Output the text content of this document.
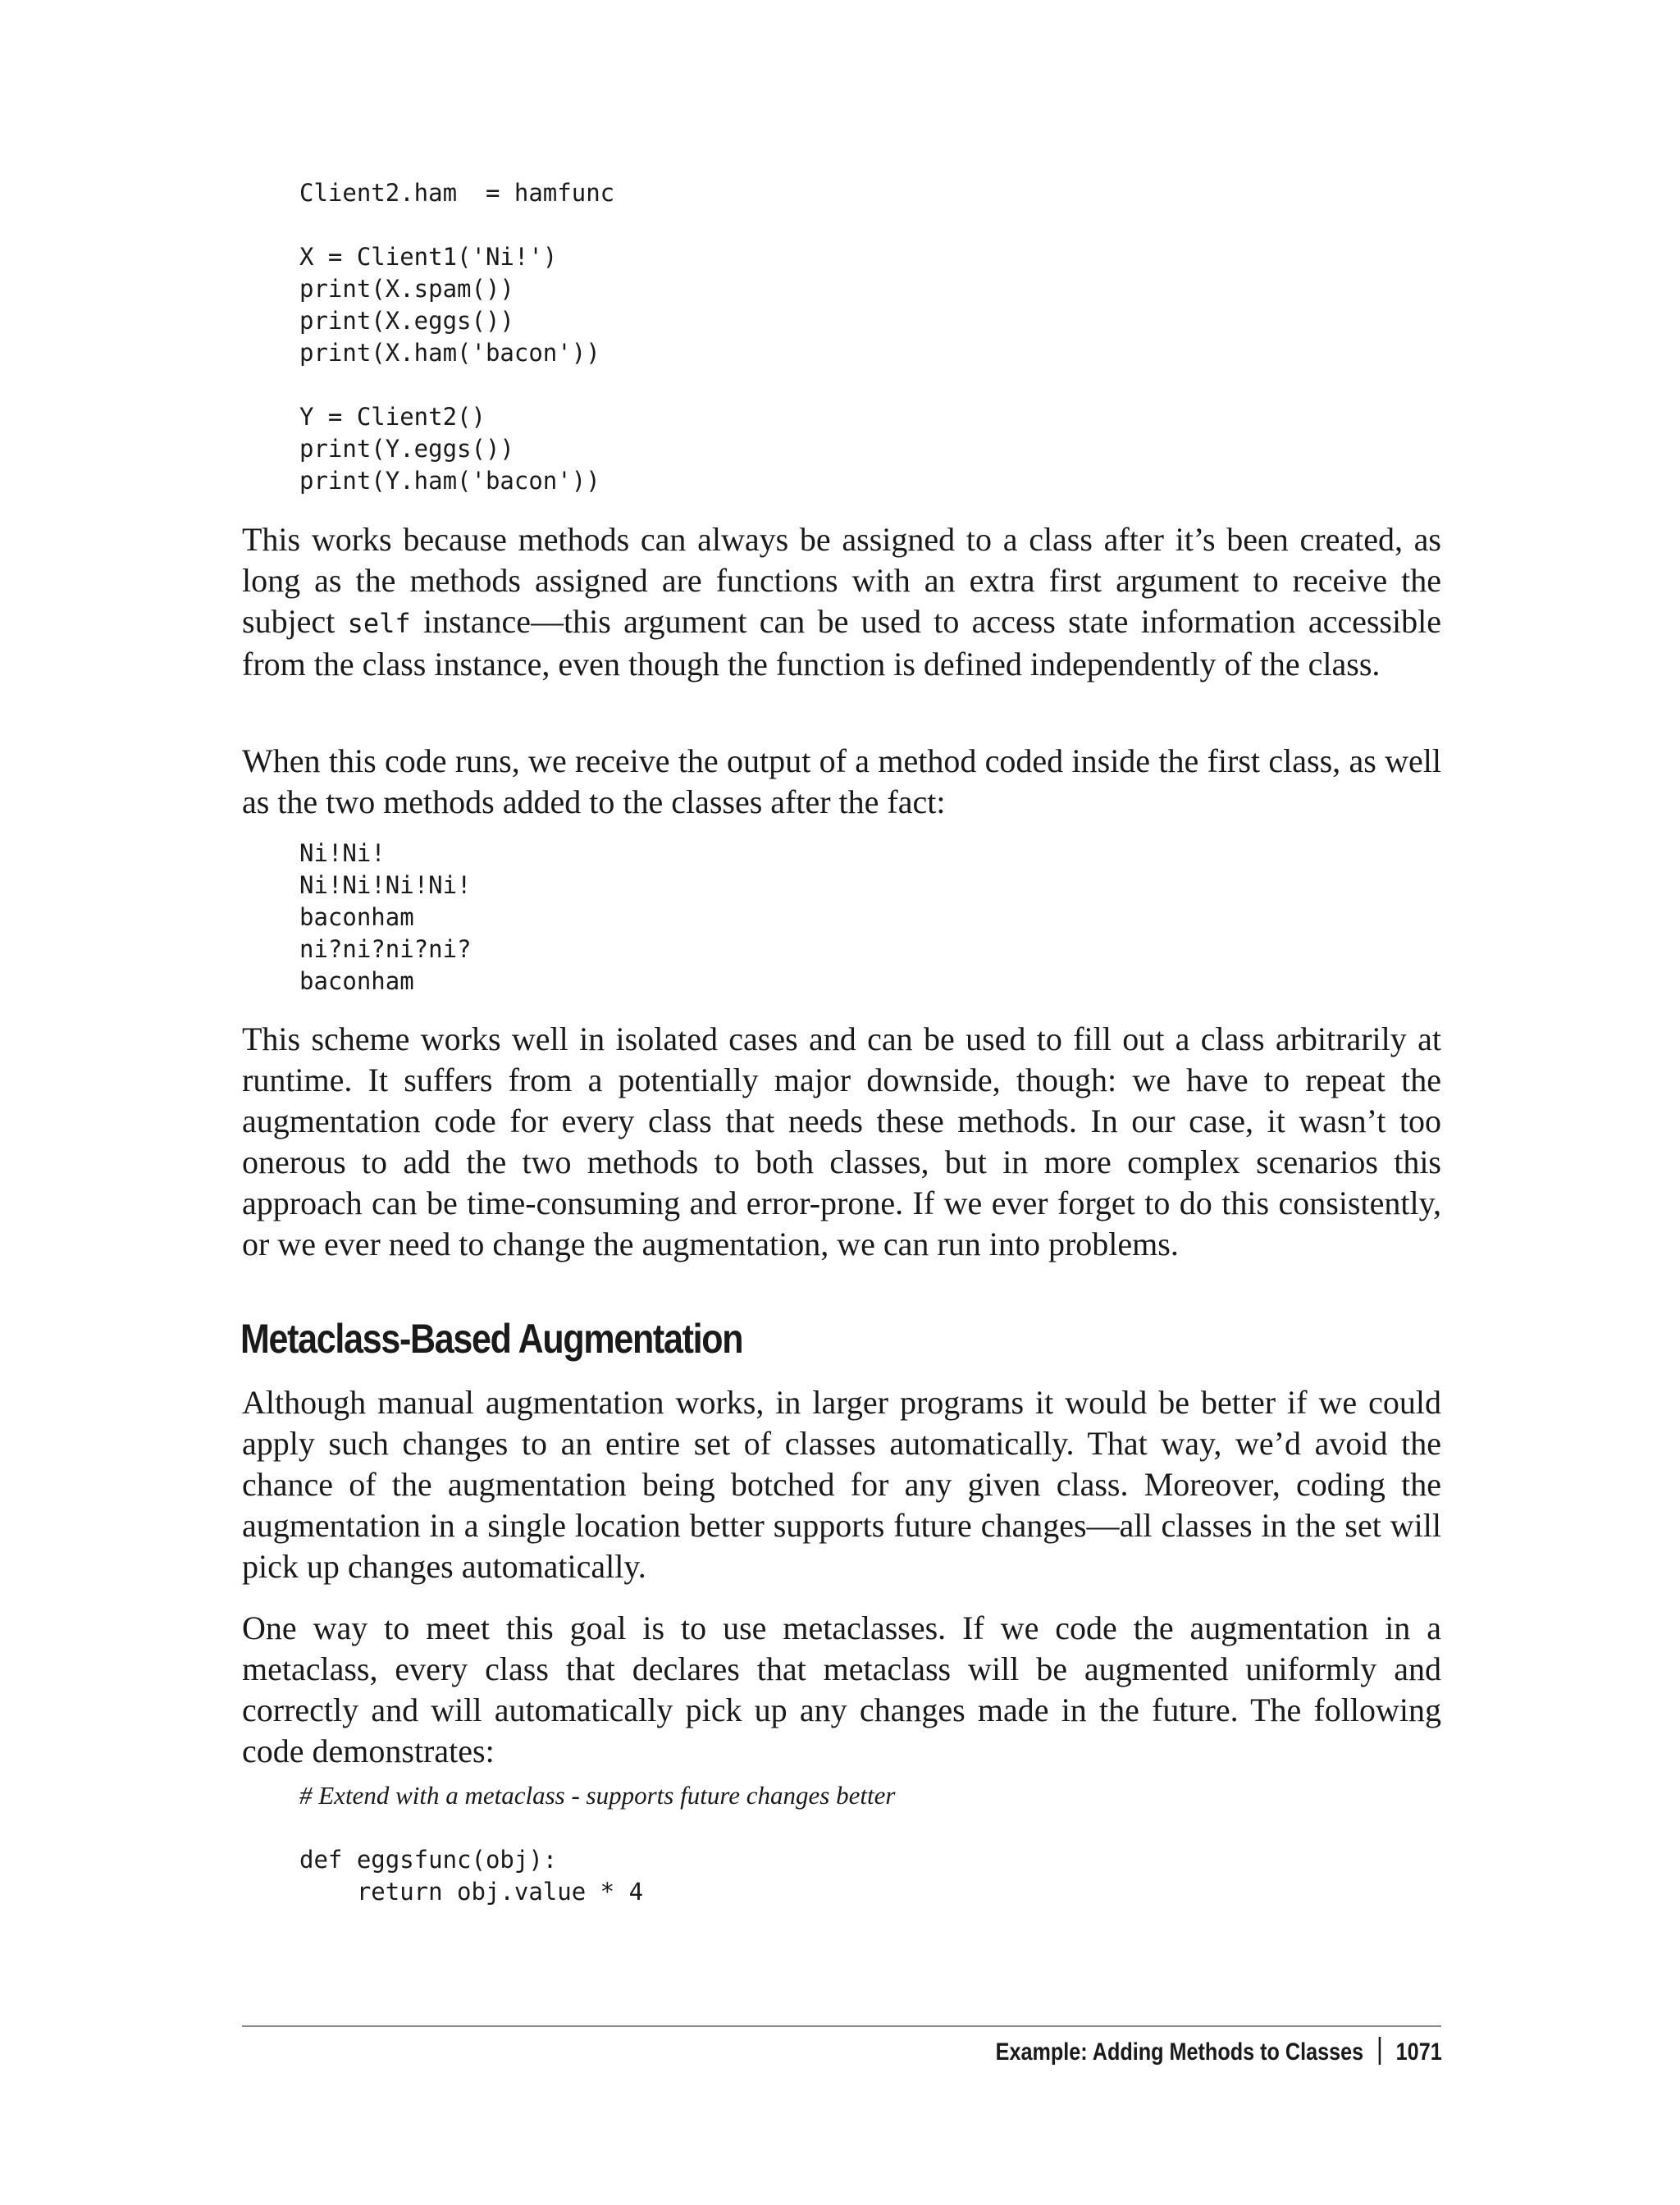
Client2.ham  = hamfunc

X = Client1('Ni!')
print(X.spam())
print(X.eggs())
print(X.ham('bacon'))

Y = Client2()
print(Y.eggs())
print(Y.ham('bacon'))

This works because methods can always be assigned to a class after it’s been created, as long as the methods assigned are functions with an extra first argument to receive the subject self instance—this argument can be used to access state information accessible from the class instance, even though the function is defined independently of the class.

When this code runs, we receive the output of a method coded inside the first class, as well as the two methods added to the classes after the fact:

Ni!Ni!
Ni!Ni!Ni!Ni!
baconham
ni?ni?ni?ni?
baconham

This scheme works well in isolated cases and can be used to fill out a class arbitrarily at runtime. It suffers from a potentially major downside, though: we have to repeat the augmentation code for every class that needs these methods. In our case, it wasn’t too onerous to add the two methods to both classes, but in more complex scenarios this approach can be time-consuming and error-prone. If we ever forget to do this consistently, or we ever need to change the augmentation, we can run into problems.

Metaclass-Based Augmentation

Although manual augmentation works, in larger programs it would be better if we could apply such changes to an entire set of classes automatically. That way, we’d avoid the chance of the augmentation being botched for any given class. Moreover, coding the augmentation in a single location better supports future changes—all classes in the set will pick up changes automatically.

One way to meet this goal is to use metaclasses. If we code the augmentation in a metaclass, every class that declares that metaclass will be augmented uniformly and correctly and will automatically pick up any changes made in the future. The following code demonstrates:

# Extend with a metaclass - supports future changes better

def eggsfunc(obj):
return obj.value * 4
Example: Adding Methods to Classes 1071
